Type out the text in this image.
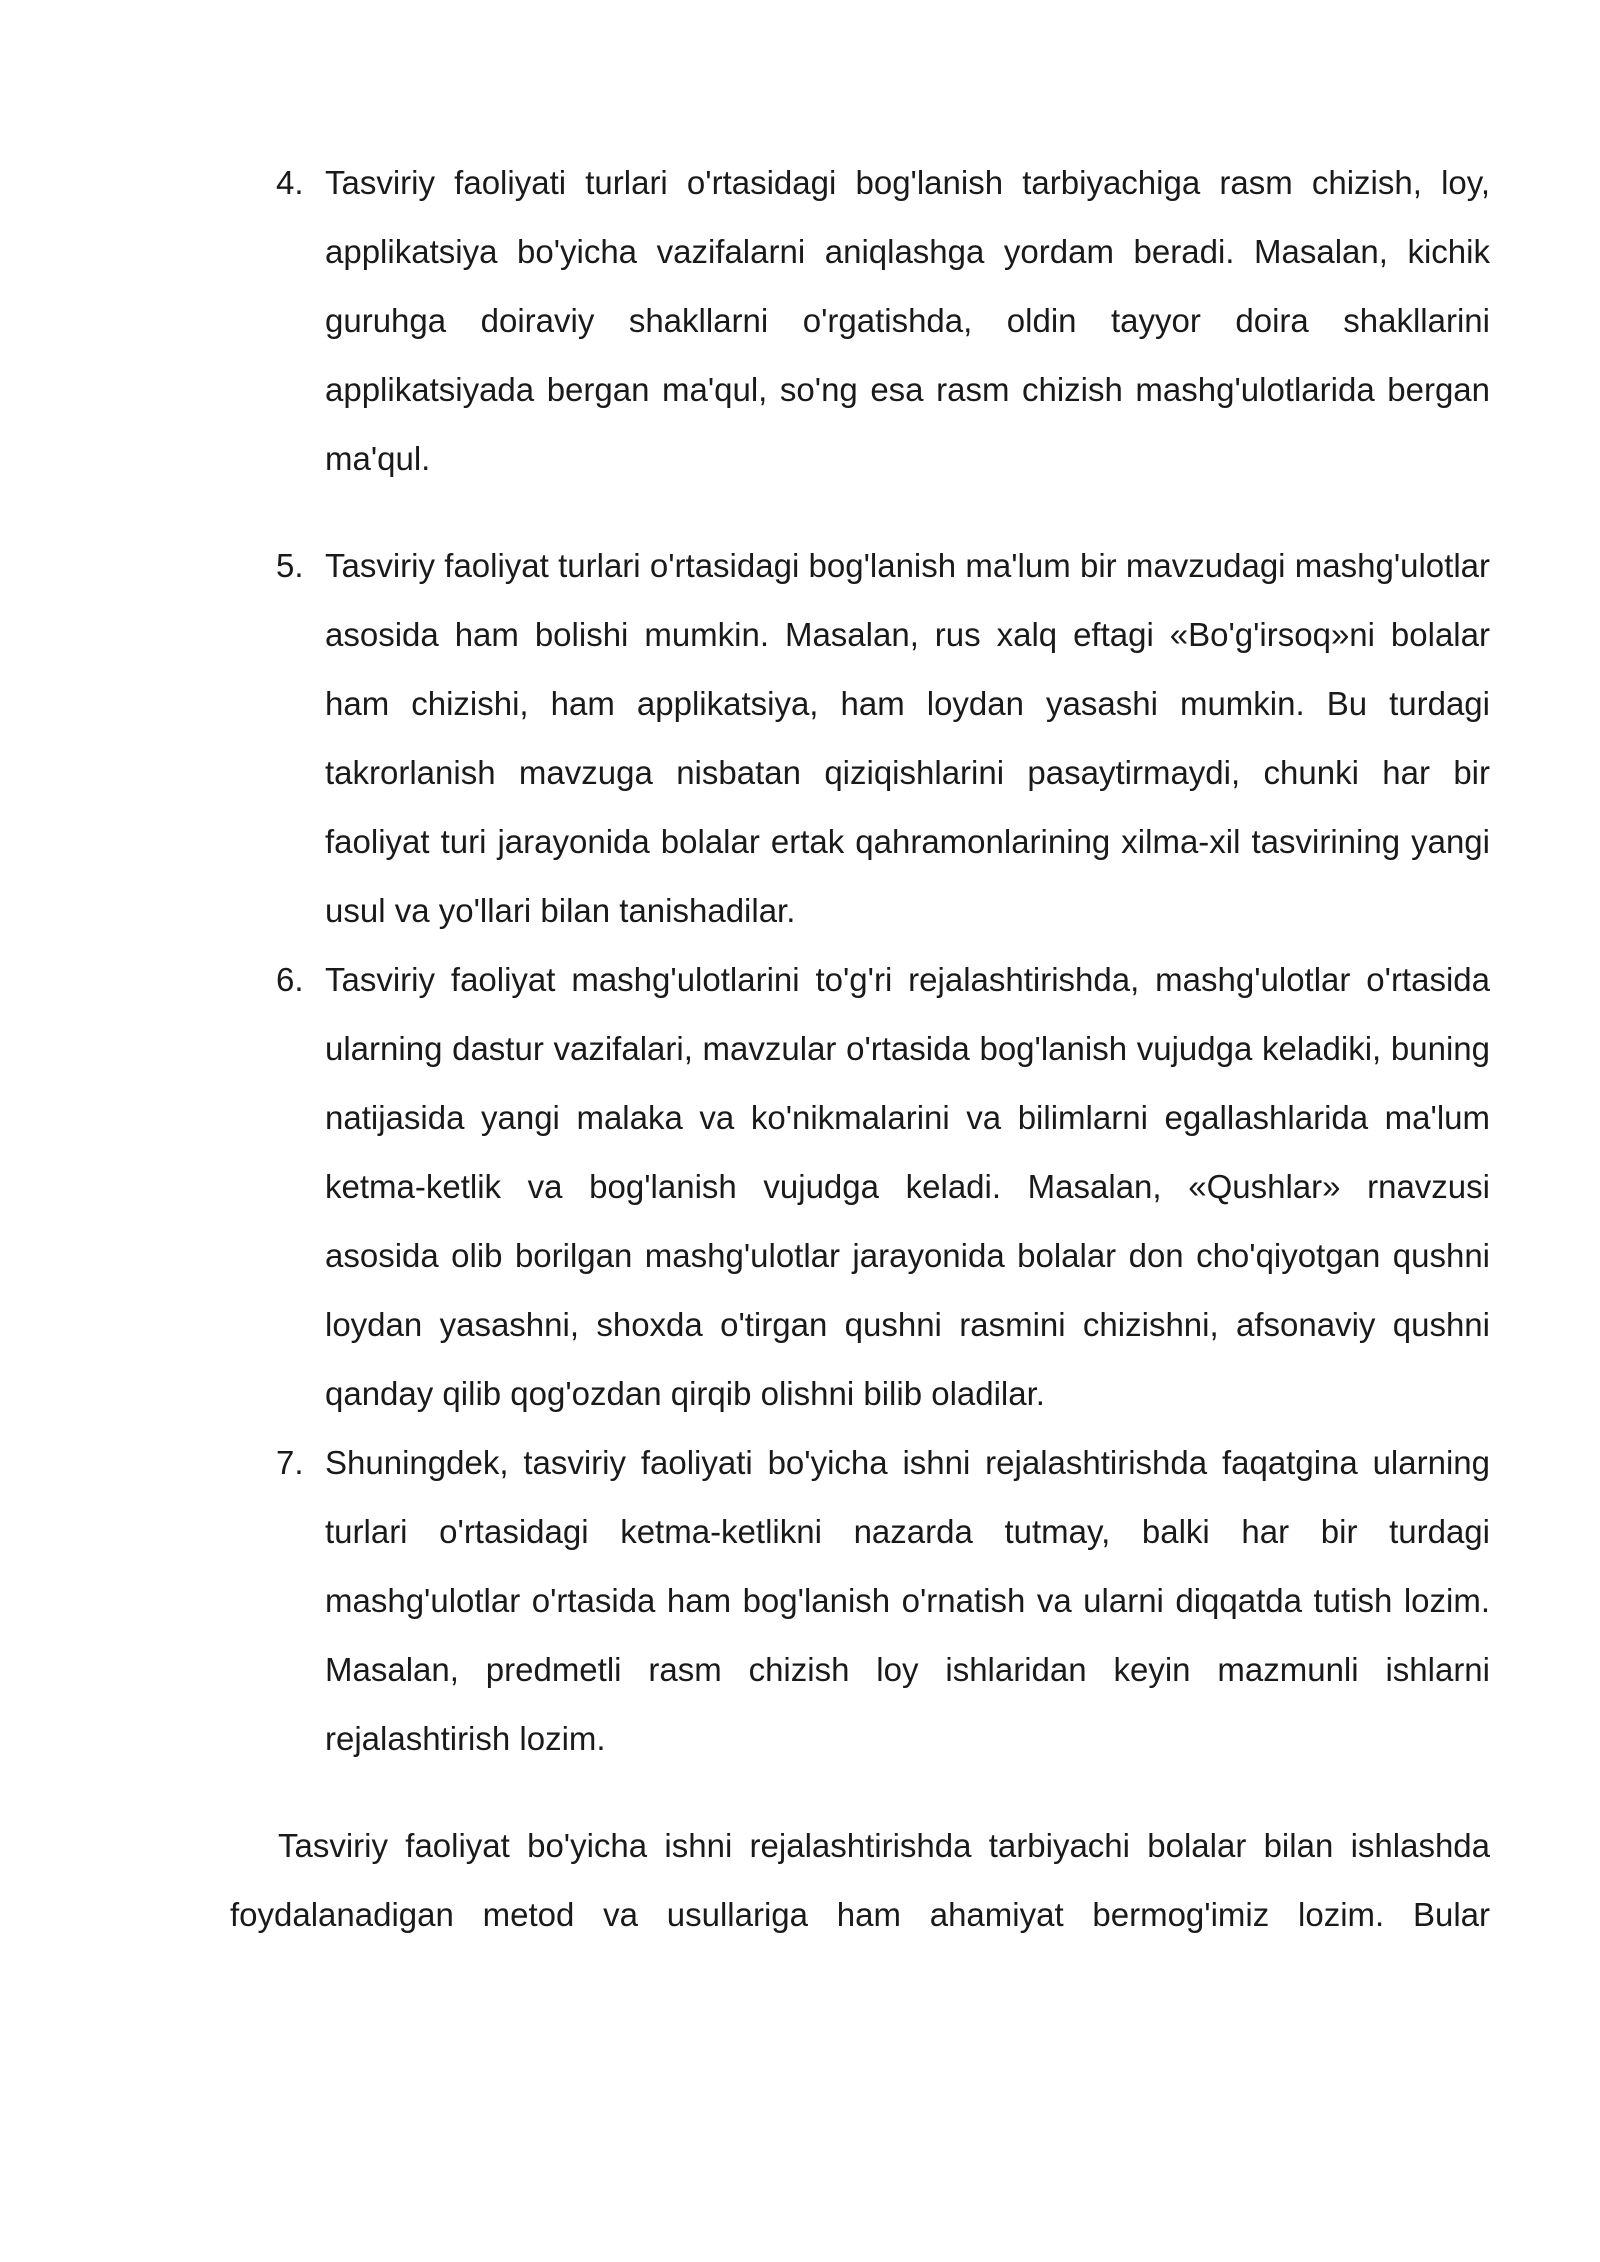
4. Tasviriy faoliyati turlari o'rtasidagi bog'lanish tarbiyachiga rasm chizish, loy, applikatsiya bo'yicha vazifalarni aniqlashga yordam beradi. Masalan, kichik guruhga doiraviy shakllarni o'rgatishda, oldin tayyor doira shakllarini applikatsiyada bergan ma'qul, so'ng esa rasm chizish mashg'ulotlarida bergan ma'qul.
5. Tasviriy faoliyat turlari o'rtasidagi bog'lanish ma'lum bir mavzudagi mashg'ulotlar asosida ham bolishi mumkin. Masalan, rus xalq eftagi «Bo'g'irsoq»ni bolalar ham chizishi, ham applikatsiya, ham loydan yasashi mumkin. Bu turdagi takrorlanish mavzuga nisbatan qiziqishlarini pasaytirmaydi, chunki har bir faoliyat turi jarayonida bolalar ertak qahramonlarining xilma-xil tasvirining yangi usul va yo'llari bilan tanishadilar.
6. Tasviriy faoliyat mashg'ulotlarini to'g'ri rejalashtirishda, mashg'ulotlar o'rtasida ularning dastur vazifalari, mavzular o'rtasida bog'lanish vujudga keladiki, buning natijasida yangi malaka va ko'nikmalarini va bilimlarni egallashlarida ma'lum ketma-ketlik va bog'lanish vujudga keladi. Masalan, «Qushlar» rnavzusi asosida olib borilgan mashg'ulotlar jarayonida bolalar don cho'qiyotgan qushni loydan yasashni, shoxda o'tirgan qushni rasmini chizishni, afsonaviy qushni qanday qilib qog'ozdan qirqib olishni bilib oladilar.
7. Shuningdek, tasviriy faoliyati bo'yicha ishni rejalashtirishda faqatgina ularning turlari o'rtasidagi ketma-ketlikni nazarda tutmay, balki har bir turdagi mashg'ulotlar o'rtasida ham bog'lanish o'rnatish va ularni diqqatda tutish lozim. Masalan, predmetli rasm chizish loy ishlaridan keyin mazmunli ishlarni rejalashtirish lozim.

Tasviriy faoliyat bo'yicha ishni rejalashtirishda tarbiyachi bolalar bilan ishlashda foydalanadigan metod va usullariga ham ahamiyat bermog'imiz lozim. Bular
